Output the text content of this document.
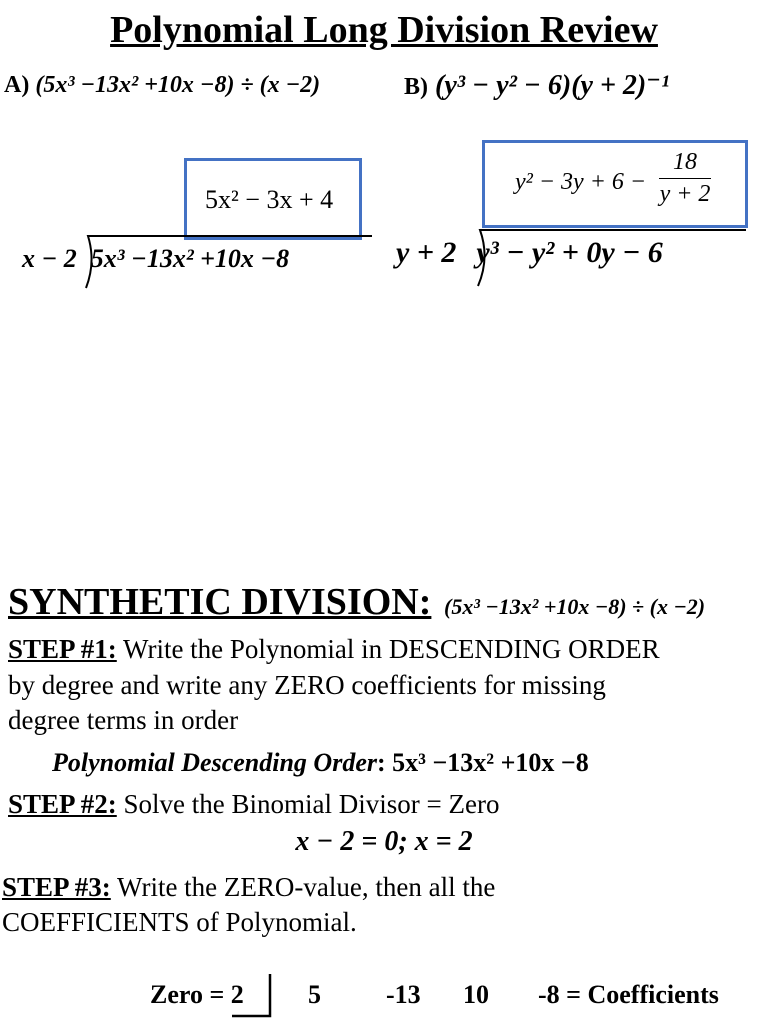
Polynomial Long Division Review
A) (5x³ −13x² +10x −8) ÷ (x −2)	B) (y³ − y² − 6)(y + 2)⁻¹
5x² − 3x + 4
$y^2 - 3y + 6 - \frac{18}{y + 2}$
x − 2 5x³ −13x² +10x −8	y + 2 y³ − y² + 0y − 6
SYNTHETIC DIVISION: (5x³ −13x² +10x −8) ÷ (x −2)
STEP #1: Write the Polynomial in DESCENDING ORDER
by degree and write any ZERO coefficients for missing
degree terms in order
Polynomial Descending Order: 5x³ −13x² +10x −8
STEP #2: Solve the Binomial Divisor = Zero
x − 2 = 0; x = 2
STEP #3: Write the ZERO-value, then all the
COEFFICIENTS of Polynomial.
Zero = 2 5	-13 10 -8 = Coefficients
